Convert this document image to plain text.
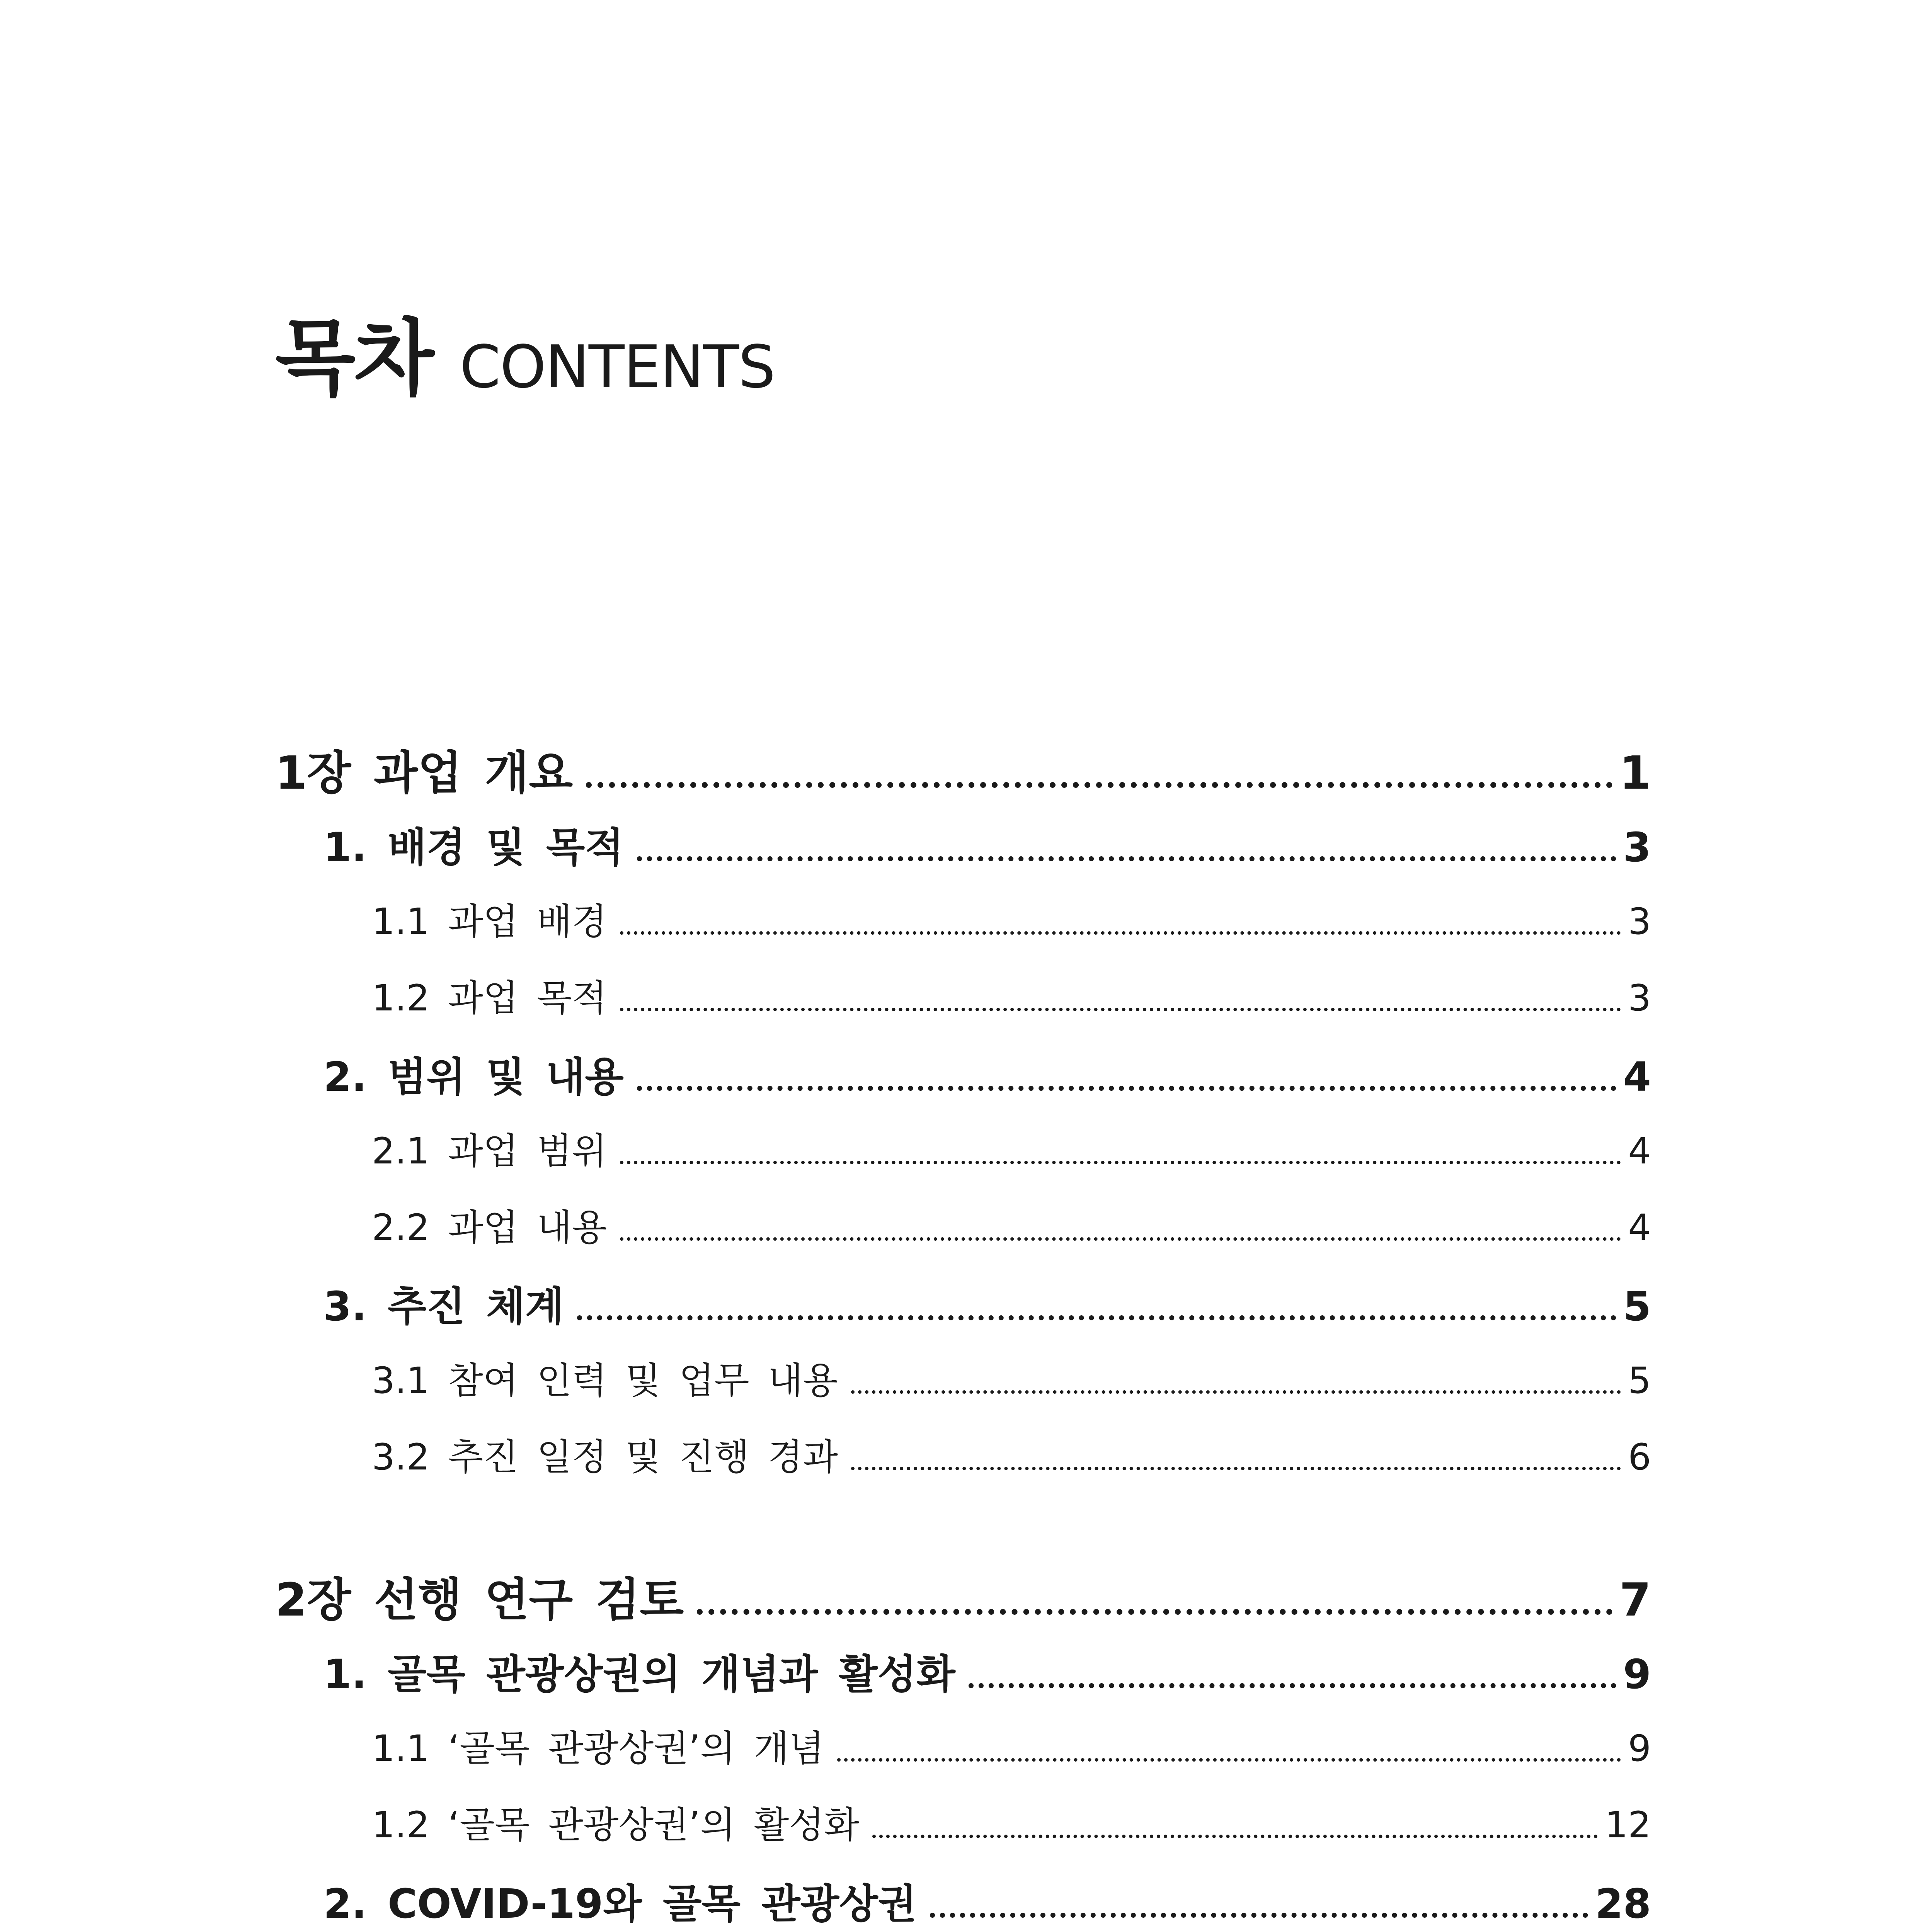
목차 CONTENTS
1장 과업 개요	1
1. 배경 및 목적	3
1.1 과업 배경	3
1.2 과업 목적	3
2. 범위 및 내용	4
2.1 과업 범위	4
2.2 과업 내용	4
3. 추진 체계	5
3.1 참여 인력 및 업무 내용	5
3.2 추진 일정 및 진행 경과	6
2장 선행 연구 검토	7
1. 골목 관광상권의 개념과 활성화	9
1.1 ‘골목 관광상권’의 개념	9
1.2 ‘골목 관광상권’의 활성화	12
2. COVID-19와 골목 관광상권	28
